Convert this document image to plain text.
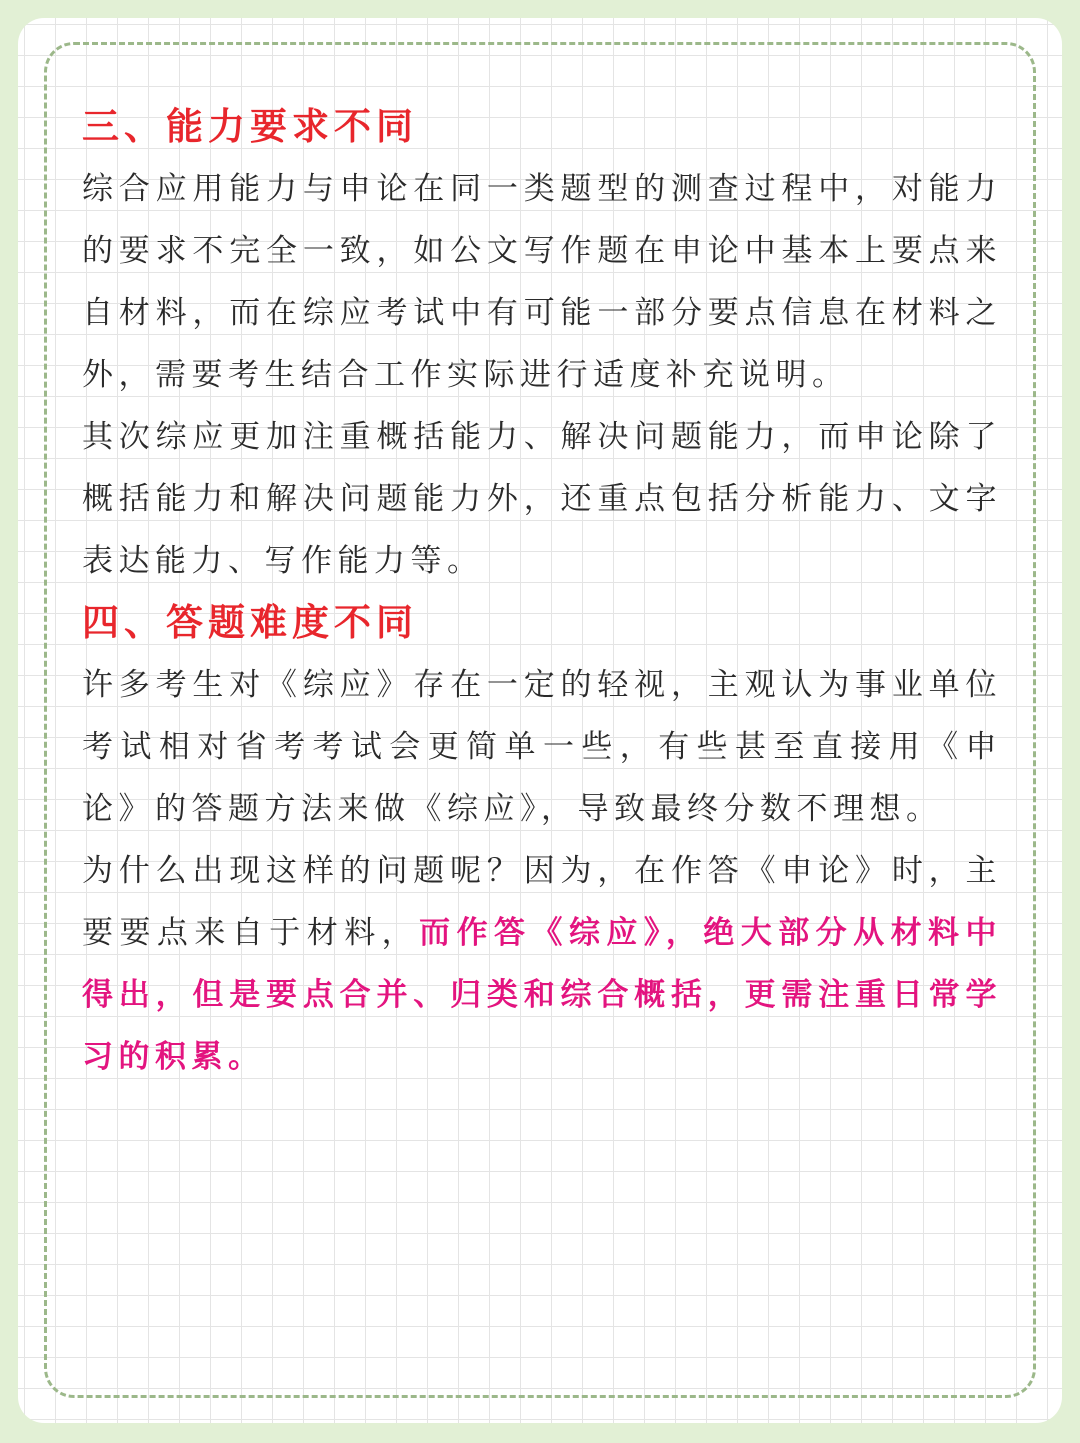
三、能力要求不同

综合应用能力与申论在同一类题型的测查过程中，对能力的要求不完全一致，如公文写作题在申论中基本上要点来自材料，而在综应考试中有可能一部分要点信息在材料之外，需要考生结合工作实际进行适度补充说明。

其次综应更加注重概括能力、解决问题能力，而申论除了概括能力和解决问题能力外，还重点包括分析能力、文字表达能力、写作能力等。

四、答题难度不同

许多考生对《综应》存在一定的轻视，主观认为事业单位考试相对省考考试会更简单一些，有些甚至直接用《申论》的答题方法来做《综应》，导致最终分数不理想。

为什么出现这样的问题呢？因为，在作答《申论》时，主要要点来自于材料，而作答《综应》，绝大部分从材料中得出，但是要点合并、归类和综合概括，更需注重日常学习的积累。
